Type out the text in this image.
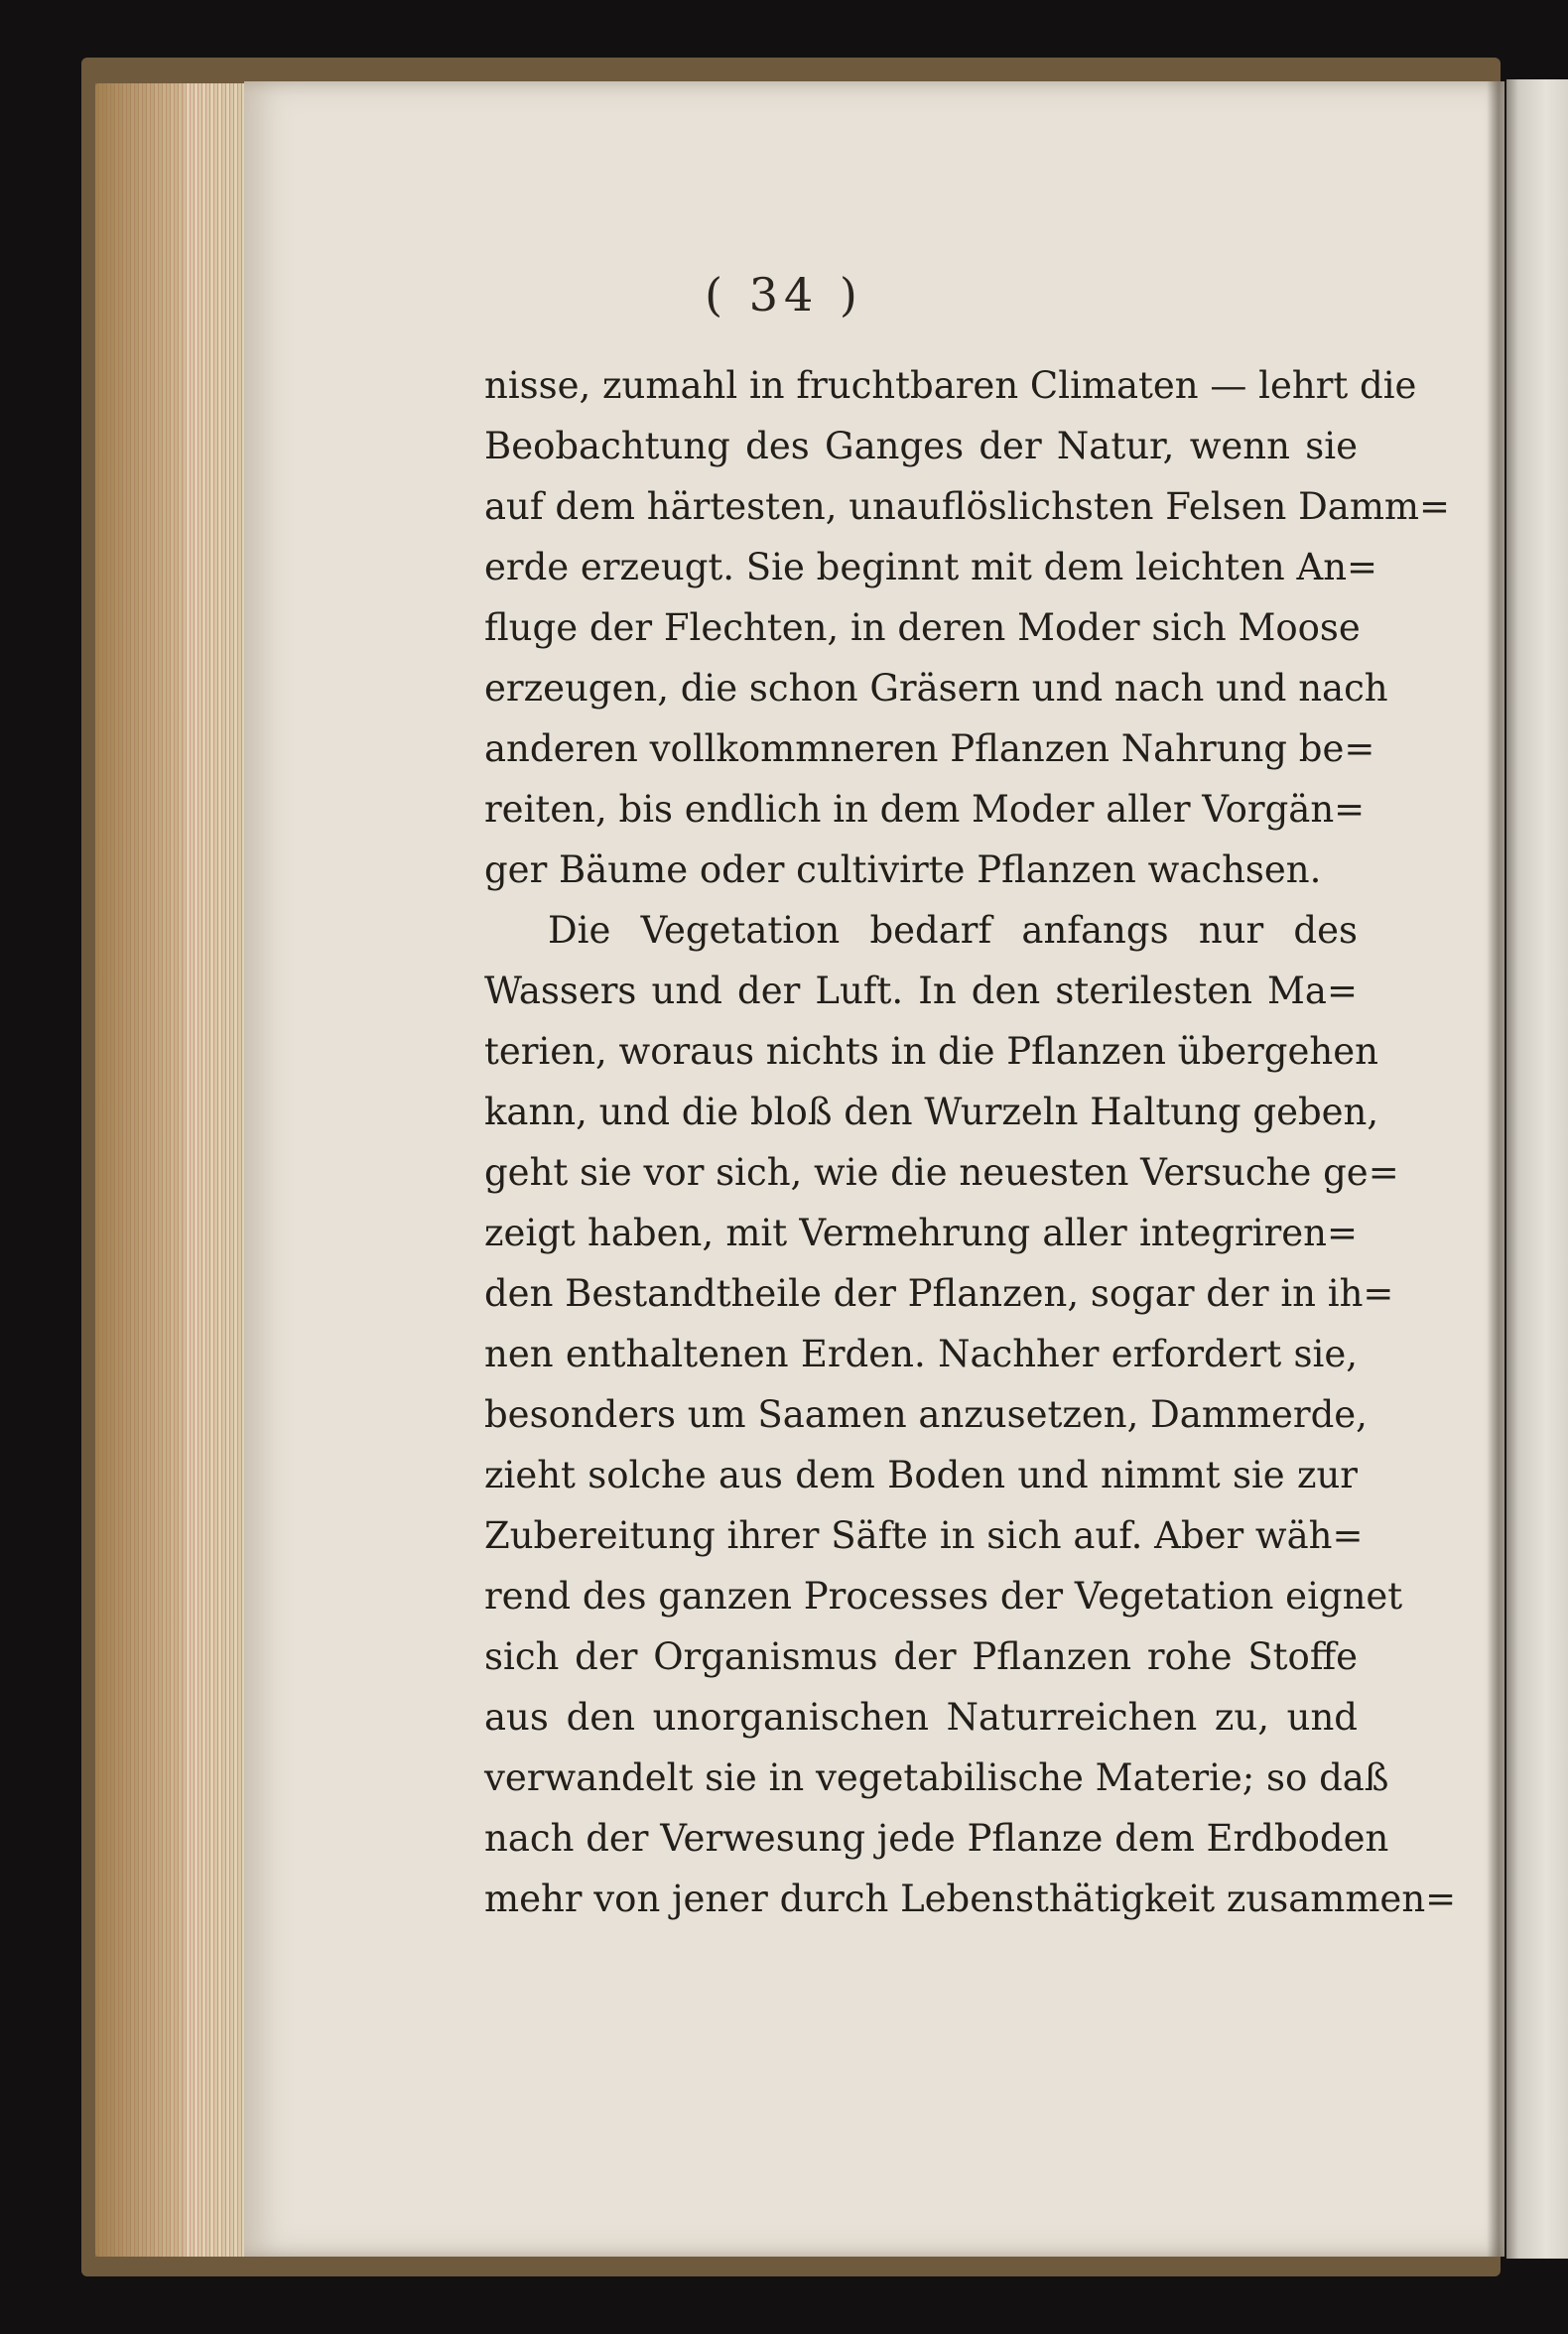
( 34 )
nisse, zumahl in fruchtbaren Climaten — lehrt die
Beobachtung des Ganges der Natur, wenn sie
auf dem härtesten, unauflöslichsten Felsen Damm=
erde erzeugt. Sie beginnt mit dem leichten An=
fluge der Flechten, in deren Moder sich Moose
erzeugen, die schon Gräsern und nach und nach
anderen vollkommneren Pflanzen Nahrung be=
reiten, bis endlich in dem Moder aller Vorgän=
ger Bäume oder cultivirte Pflanzen wachsen.
Die Vegetation bedarf anfangs nur des
Wassers und der Luft. In den sterilesten Ma=
terien, woraus nichts in die Pflanzen übergehen
kann, und die bloß den Wurzeln Haltung geben,
geht sie vor sich, wie die neuesten Versuche ge=
zeigt haben, mit Vermehrung aller integriren=
den Bestandtheile der Pflanzen, sogar der in ih=
nen enthaltenen Erden. Nachher erfordert sie,
besonders um Saamen anzusetzen, Dammerde,
zieht solche aus dem Boden und nimmt sie zur
Zubereitung ihrer Säfte in sich auf. Aber wäh=
rend des ganzen Processes der Vegetation eignet
sich der Organismus der Pflanzen rohe Stoffe
aus den unorganischen Naturreichen zu, und
verwandelt sie in vegetabilische Materie; so daß
nach der Verwesung jede Pflanze dem Erdboden
mehr von jener durch Lebensthätigkeit zusammen=
